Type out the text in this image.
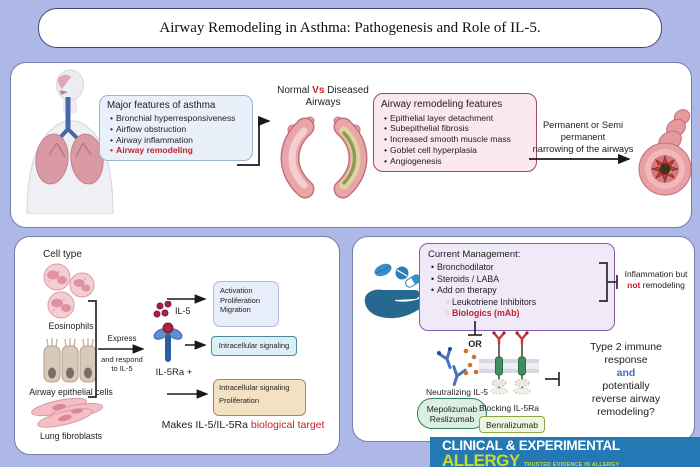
Airway Remodeling in Asthma: Pathogenesis and Role of IL-5.
Major features of asthma
• Bronchial hyperresponsiveness
• Airflow obstruction
• Airway inflammation
• Airway remodeling
Normal Vs Diseased
Airways	Airway remodeling features
• Epithelial layer detachment
• Subepithelial fibrosis
• Increased smooth muscle mass
• Goblet cell hyperplasia
• Angiogenesis
Permanent or Semi
permanent
narrowing of the airways
Cell type
Eosinophils
Airway epithelial cells
Lung fibroblasts
Express
and respond to IL-5
IL-5
IL-5Ra +
Activation
Proliferation
Migration
Intracellular signaling
Intracellular signaling
Proliferation
Makes IL-5/IL-5Ra biological target
Current Management:
• Bronchodilator
• Steroids / LABA
• Add on therapy
○ Leukotriene Inhibitors
○ Biologics (mAb)
Inflammation but
not remodeling
OR
Neutralizing IL-5
Mepolizumab
Reslizumab
Blocking IL-5Ra
Benralizumab
Type 2 immune
response
and
potentially
reverse airway
remodeling?
CLINICAL & EXPERIMENTAL
ALLERGY TRUSTED EVIDENCE IN ALLERGY
